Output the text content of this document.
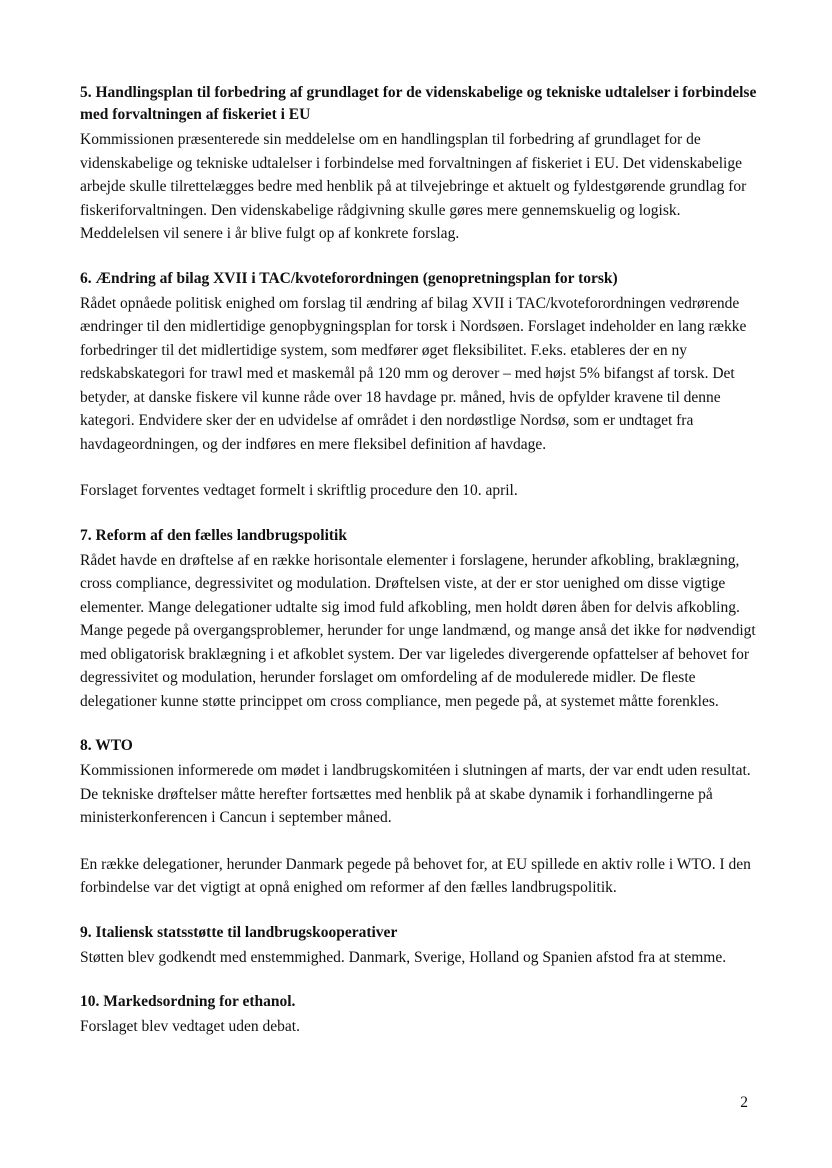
5. Handlingsplan til forbedring af grundlaget for de videnskabelige og tekniske udtalelser i forbindelse med forvaltningen af fiskeriet i EU

Kommissionen præsenterede sin meddelelse om en handlingsplan til forbedring af grundlaget for de videnskabelige og tekniske udtalelser i forbindelse med forvaltningen af fiskeriet i EU. Det videnskabelige arbejde skulle tilrettelægges bedre med henblik på at tilvejebringe et aktuelt og fyldestgørende grundlag for fiskeriforvaltningen. Den videnskabelige rådgivning skulle gøres mere gennemskuelig og logisk. Meddelelsen vil senere i år blive fulgt op af konkrete forslag.

6. Ændring af bilag XVII i TAC/kvoteforordningen (genopretningsplan for torsk)

Rådet opnåede politisk enighed om forslag til ændring af bilag XVII i TAC/kvoteforordningen vedrørende ændringer til den midlertidige genopbygningsplan for torsk i Nordsøen. Forslaget indeholder en lang række forbedringer til det midlertidige system, som medfører øget fleksibilitet. F.eks. etableres der en ny redskabskategori for trawl med et maskemål på 120 mm og derover – med højst 5% bifangst af torsk. Det betyder, at danske fiskere vil kunne råde over 18 havdage pr. måned, hvis de opfylder kravene til denne kategori. Endvidere sker der en udvidelse af området i den nordøstlige Nordsø, som er undtaget fra havdageordningen, og der indføres en mere fleksibel definition af havdage.

Forslaget forventes vedtaget formelt i skriftlig procedure den 10. april.

7. Reform af den fælles landbrugspolitik

Rådet havde en drøftelse af en række horisontale elementer i forslagene, herunder afkobling, braklægning, cross compliance, degressivitet og modulation. Drøftelsen viste, at der er stor uenighed om disse vigtige elementer. Mange delegationer udtalte sig imod fuld afkobling, men holdt døren åben for delvis afkobling. Mange pegede på overgangsproblemer, herunder for unge landmænd, og mange anså det ikke for nødvendigt med obligatorisk braklægning i et afkoblet system. Der var ligeledes divergerende opfattelser af behovet for degressivitet og modulation, herunder forslaget om omfordeling af de modulerede midler. De fleste delegationer kunne støtte princippet om cross compliance, men pegede på, at systemet måtte forenkles.

8. WTO

Kommissionen informerede om mødet i landbrugskomitéen i slutningen af marts, der var endt uden resultat. De tekniske drøftelser måtte herefter fortsættes med henblik på at skabe dynamik i forhandlingerne på ministerkonferencen i Cancun i september måned.

En række delegationer, herunder Danmark pegede på behovet for, at EU spillede en aktiv rolle i WTO. I den forbindelse var det vigtigt at opnå enighed om reformer af den fælles landbrugspolitik.

9. Italiensk statsstøtte til landbrugskooperativer

Støtten blev godkendt med enstemmighed. Danmark, Sverige, Holland og Spanien afstod fra at stemme.

10. Markedsordning for ethanol.

Forslaget blev vedtaget uden debat.

2
